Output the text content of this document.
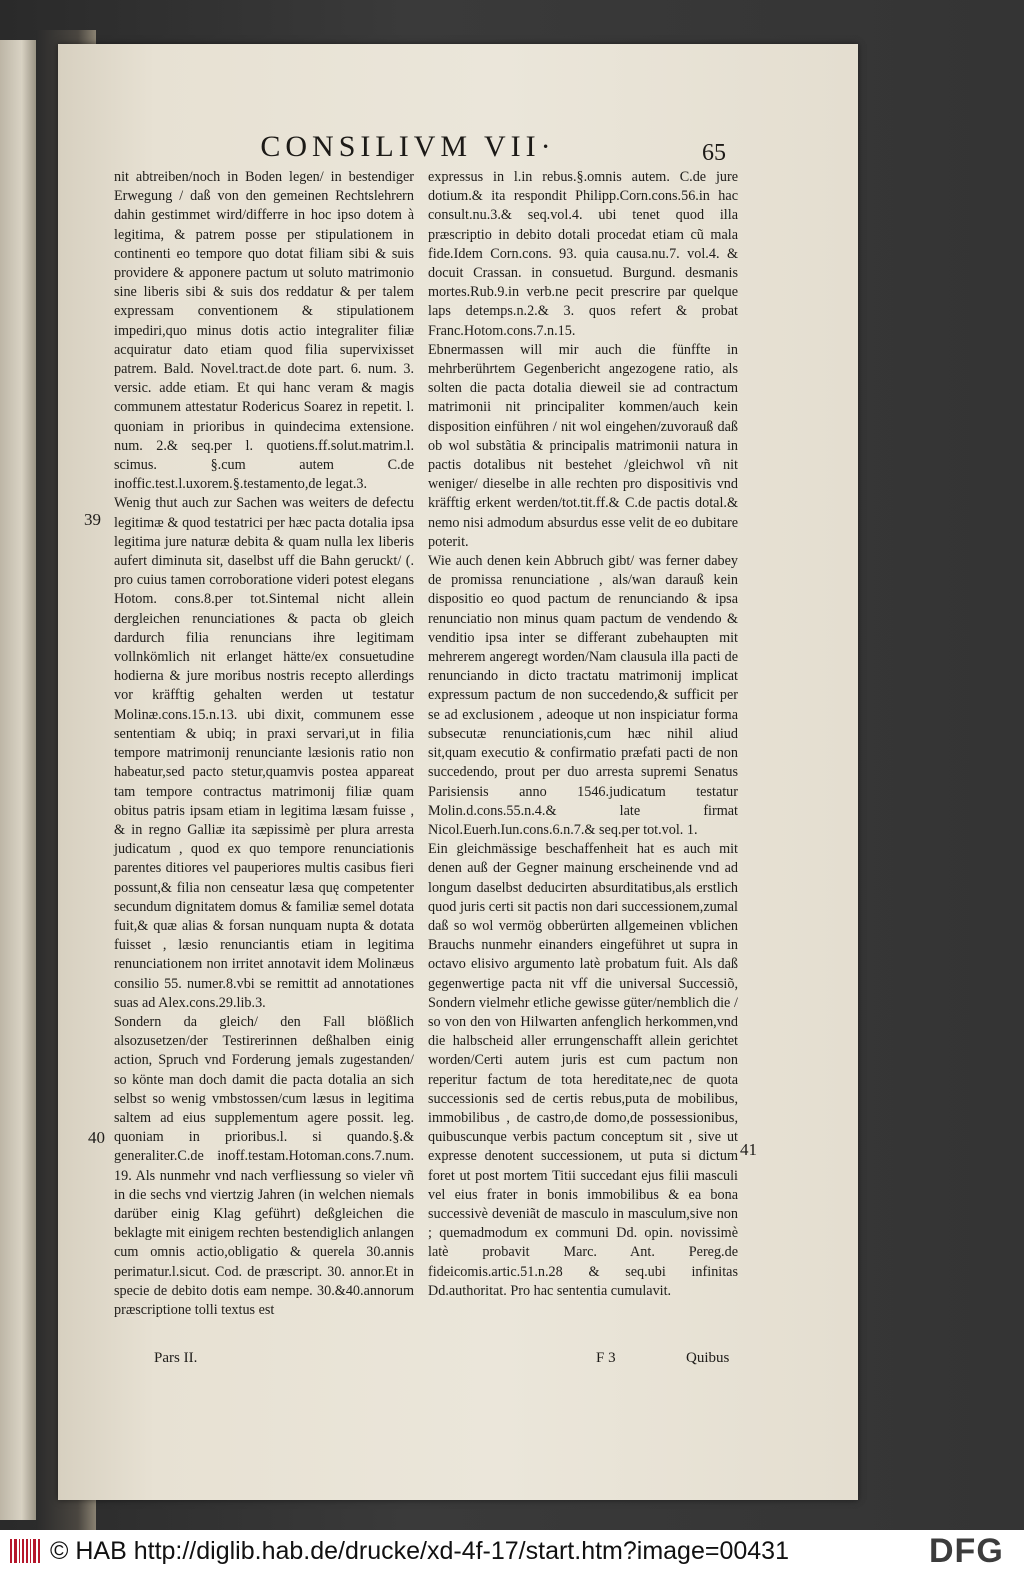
CONSILIVM VII·	65

nit abtreiben/noch in Boden legen/ in bestendiger Erwegung / daß von den gemeinen Rechtslehrern dahin gestimmet wird/differre in hoc ipso dotem à legitima, & patrem posse per stipulationem in continenti eo tempore quo dotat filiam sibi & suis providere & apponere pactum ut soluto matrimonio sine liberis sibi & suis dos reddatur & per talem expressam conventionem & stipulationem impediri,quo minus dotis actio integraliter filiæ acquiratur dato etiam quod filia supervixisset patrem. Bald. Novel.tract.de dote part. 6. num. 3. versic. adde etiam. Et qui hanc veram & magis communem attestatur Rodericus Soarez in repetit. l. quoniam in prioribus in quindecima extensione. num. 2.& seq.per l. quotiens.ff.solut.matrim.l. scimus. §.cum autem C.de inoffic.test.l.uxorem.§.testamento,de legat.3.

Wenig thut auch zur Sachen was weiters de defectu legitimæ & quod testatrici per hæc pacta dotalia ipsa legitima jure naturæ debita & quam nulla lex liberis aufert diminuta sit, daselbst uff die Bahn geruckt/ (. pro cuius tamen corroboratione videri potest elegans Hotom. cons.8.per tot.Sintemal nicht allein dergleichen renunciationes & pacta ob gleich dardurch filia renuncians ihre legitimam vollnkömlich nit erlanget hätte/ex consuetudine hodierna & jure moribus nostris recepto allerdings vor kräfftig gehalten werden ut testatur Molinæ.cons.15.n.13. ubi dixit, communem esse sententiam & ubiq; in praxi servari,ut in filia tempore matrimonij renunciante læsionis ratio non habeatur,sed pacto stetur,quamvis postea appareat tam tempore contractus matrimonij filiæ quam obitus patris ipsam etiam in legitima læsam fuisse , & in regno Galliæ ita sæpissimè per plura arresta judicatum , quod ex quo tempore renunciationis parentes ditiores vel pauperiores multis casibus fieri possunt,& filia non censeatur læsa quę competenter secundum dignitatem domus & familiæ semel dotata fuit,& quæ alias & forsan nunquam nupta & dotata fuisset , læsio renunciantis etiam in legitima renunciationem non irritet annotavit idem Molinæus consilio 55. numer.8.vbi se remittit ad annotationes suas ad Alex.cons.29.lib.3.

Sondern da gleich/ den Fall blößlich alsozusetzen/der Testirerinnen deßhalben einig action, Spruch vnd Forderung jemals zugestanden/ so könte man doch damit die pacta dotalia an sich selbst so wenig vmbstossen/cum læsus in legitima saltem ad eius supplementum agere possit. leg. quoniam in prioribus.l. si quando.§.& generaliter.C.de inoff.testam.Hotoman.cons.7.num. 19. Als nunmehr vnd nach verfliessung so vieler vñ in die sechs vnd viertzig Jahren (in welchen niemals darüber einig Klag geführt) deßgleichen die beklagte mit einigem rechten bestendiglich anlangen cum omnis actio,obligatio & querela 30.annis perimatur.l.sicut. Cod. de præscript. 30. annor.Et in specie de debito dotis eam nempe. 30.&40.annorum præscriptione tolli textus est

expressus in l.in rebus.§.omnis autem. C.de jure dotium.& ita respondit Philipp.Corn.cons.56.in hac consult.nu.3.& seq.vol.4. ubi tenet quod illa præscriptio in debito dotali procedat etiam cũ mala fide.Idem Corn.cons. 93. quia causa.nu.7. vol.4. & docuit Crassan. in consuetud. Burgund. desmanis mortes.Rub.9.in verb.ne pecit prescrire par quelque laps detemps.n.2.& 3. quos refert & probat Franc.Hotom.cons.7.n.15.

Ebnermassen will mir auch die fünffte in mehrberührtem Gegenbericht angezogene ratio, als solten die pacta dotalia dieweil sie ad contractum matrimonii nit principaliter kommen/auch kein disposition einführen / nit wol eingehen/zuvorauß daß ob wol substãtia & principalis matrimonii natura in pactis dotalibus nit bestehet /gleichwol vñ nit weniger/ dieselbe in alle rechten pro dispositivis vnd kräfftig erkent werden/tot.tit.ff.& C.de pactis dotal.& nemo nisi admodum absurdus esse velit de eo dubitare poterit.

Wie auch denen kein Abbruch gibt/ was ferner dabey de promissa renunciatione , als/wan darauß kein dispositio eo quod pactum de renunciando & ipsa renunciatio non minus quam pactum de vendendo & venditio ipsa inter se differant zubehaupten mit mehrerem angeregt worden/Nam clausula illa pacti de renunciando in dicto tractatu matrimonij implicat expressum pactum de non succedendo,& sufficit per se ad exclusionem , adeoque ut non inspiciatur forma subsecutæ renunciationis,cum hæc nihil aliud sit,quam executio & confirmatio præfati pacti de non succedendo, prout per duo arresta supremi Senatus Parisiensis anno 1546.judicatum testatur Molin.d.cons.55.n.4.& late firmat Nicol.Euerh.Iun.cons.6.n.7.& seq.per tot.vol. 1.

Ein gleichmässige beschaffenheit hat es auch mit denen auß der Gegner mainung erscheinende vnd ad longum daselbst deducirten absurditatibus,als erstlich quod juris certi sit pactis non dari successionem,zumal daß so wol vermög obberürten allgemeinen vblichen Brauchs nunmehr einanders eingeführet ut supra in octavo elisivo argumento latè probatum fuit. Als daß gegenwertige pacta nit vff die universal Successiõ, Sondern vielmehr etliche gewisse güter/nemblich die / so von den von Hilwarten anfenglich herkommen,vnd die halbscheid aller errungenschafft allein gerichtet worden/Certi autem juris est cum pactum non reperitur factum de tota hereditate,nec de quota successionis sed de certis rebus,puta de mobilibus, immobilibus , de castro,de domo,de possessionibus, quibuscunque verbis pactum conceptum sit , sive ut expresse denotent successionem, ut puta si dictum foret ut post mortem Titii succedant ejus filii masculi vel eius frater in bonis immobilibus & ea bona successivè deveniãt de masculo in masculum,sive non ; quemadmodum ex communi Dd. opin. novissimè latè probavit Marc. Ant. Pereg.de fideicomis.artic.51.n.28 & seq.ubi infinitas Dd.authoritat. Pro hac sententia cumulavit.

39
40
41
Pars II.	F 3	Quibus
© HAB http://diglib.hab.de/drucke/xd-4f-17/start.htm?image=00431	DFG
